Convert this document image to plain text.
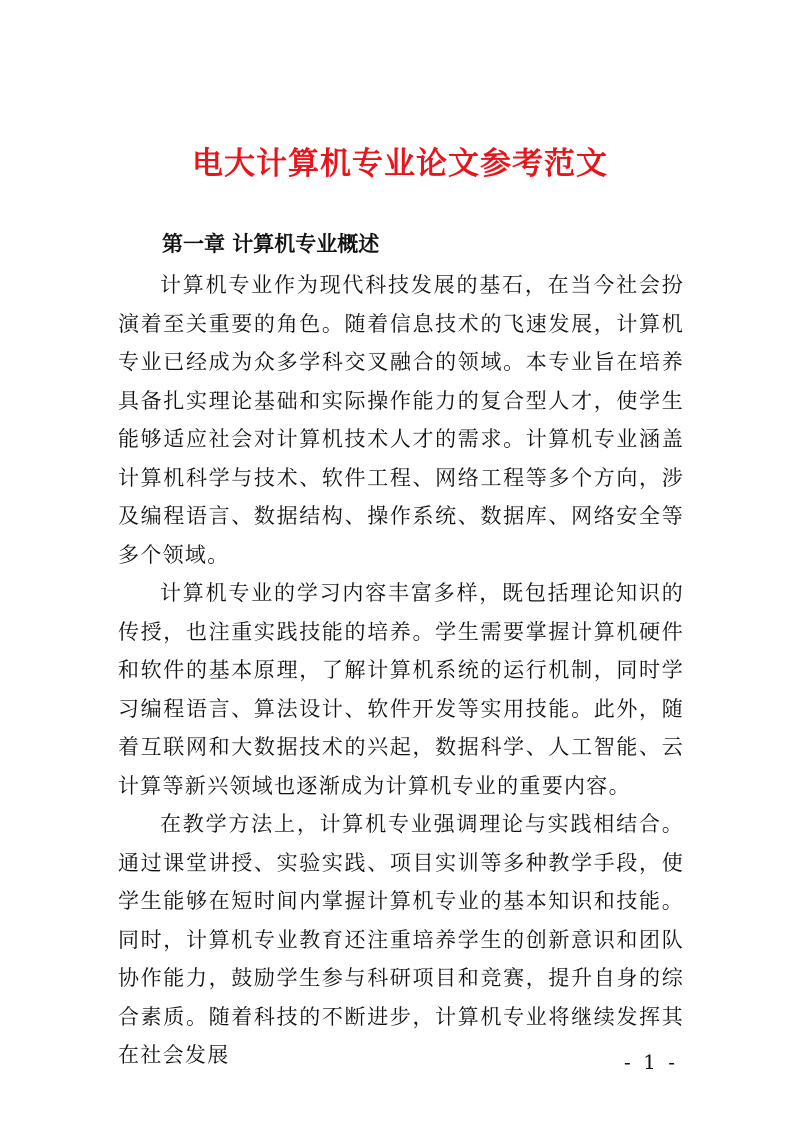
电大计算机专业论文参考范文
第一章 计算机专业概述

计算机专业作为现代科技发展的基石，在当今社会扮演着至关重要的角色。随着信息技术的飞速发展，计算机专业已经成为众多学科交叉融合的领域。本专业旨在培养具备扎实理论基础和实际操作能力的复合型人才，使学生能够适应社会对计算机技术人才的需求。计算机专业涵盖计算机科学与技术、软件工程、网络工程等多个方向，涉及编程语言、数据结构、操作系统、数据库、网络安全等多个领域。

计算机专业的学习内容丰富多样，既包括理论知识的传授，也注重实践技能的培养。学生需要掌握计算机硬件和软件的基本原理，了解计算机系统的运行机制，同时学习编程语言、算法设计、软件开发等实用技能。此外，随着互联网和大数据技术的兴起，数据科学、人工智能、云计算等新兴领域也逐渐成为计算机专业的重要内容。

在教学方法上，计算机专业强调理论与实践相结合。通过课堂讲授、实验实践、项目实训等多种教学手段，使学生能够在短时间内掌握计算机专业的基本知识和技能。同时，计算机专业教育还注重培养学生的创新意识和团队协作能力，鼓励学生参与科研项目和竞赛，提升自身的综合素质。随着科技的不断进步，计算机专业将继续发挥其在社会发展	- 1 -
